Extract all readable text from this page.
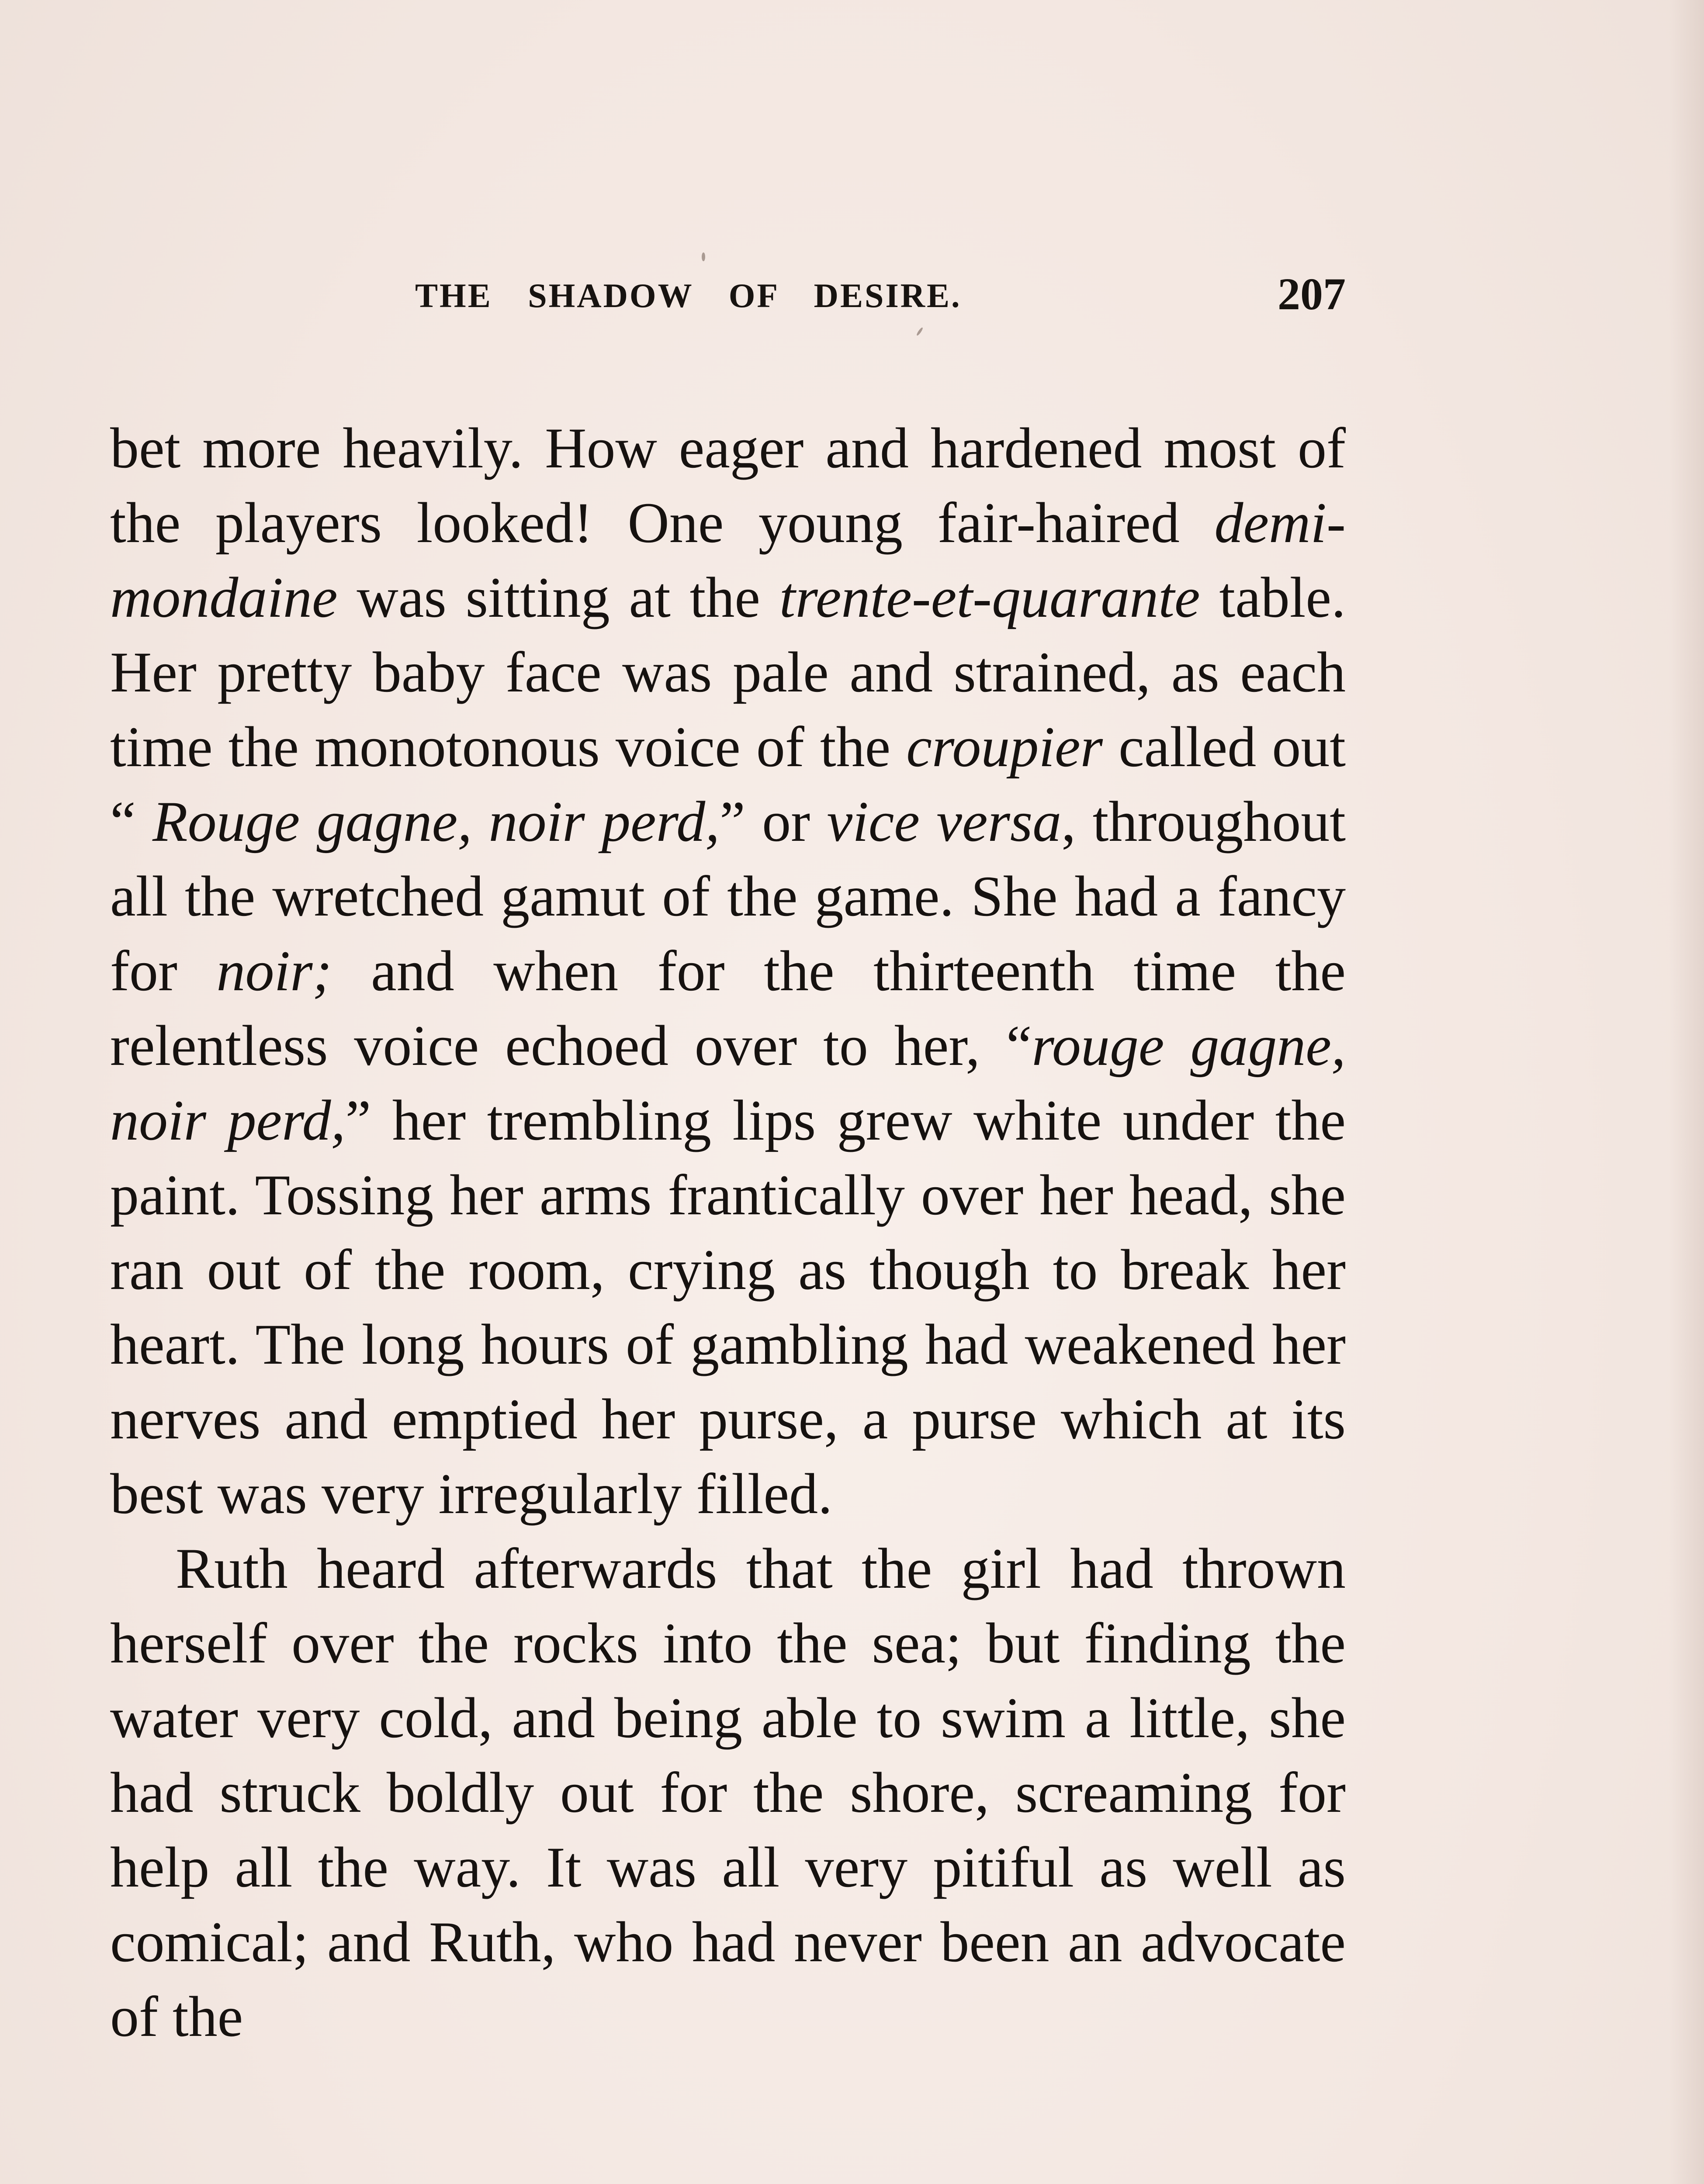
THE SHADOW OF DESIRE.	207

bet more heavily. How eager and hardened most of the players looked! One young fair-haired demi-mondaine was sitting at the trente-et-quarante table. Her pretty baby face was pale and strained, as each time the monotonous voice of the croupier called out “ Rouge gagne, noir perd,” or vice versa, throughout all the wretched gamut of the game. She had a fancy for noir; and when for the thirteenth time the relentless voice echoed over to her, “rouge gagne, noir perd,” her trembling lips grew white under the paint. Tossing her arms frantically over her head, she ran out of the room, crying as though to break her heart. The long hours of gambling had weakened her nerves and emptied her purse, a purse which at its best was very irregularly filled.

Ruth heard afterwards that the girl had thrown herself over the rocks into the sea; but finding the water very cold, and being able to swim a little, she had struck boldly out for the shore, screaming for help all the way. It was all very pitiful as well as comical; and Ruth, who had never been an advocate of the
